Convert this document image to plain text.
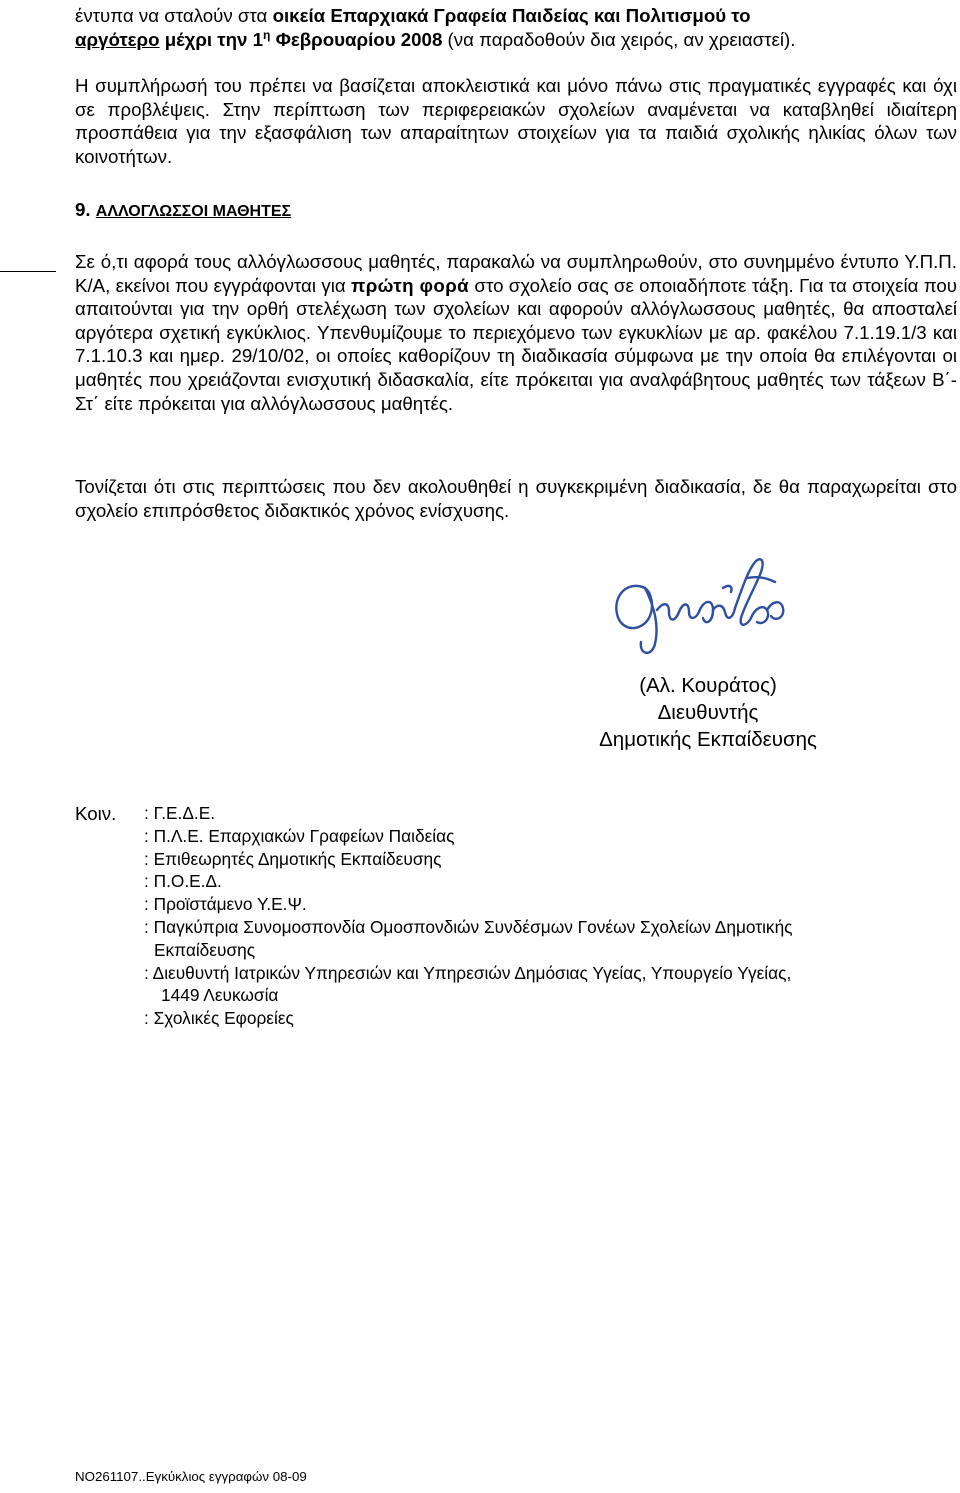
έντυπα να σταλούν στα οικεία Επαρχιακά Γραφεία Παιδείας και Πολιτισμού το
αργότερο μέχρι την $1^\eta$ Φεβρουαρίου 2008 (να παραδοθούν δια χειρός, αν χρειαστεί).

Η συμπλήρωσή του πρέπει να βασίζεται αποκλειστικά και μόνο πάνω στις πραγματικές εγγραφές και όχι σε προβλέψεις. Στην περίπτωση των περιφερειακών σχολείων αναμένεται να καταβληθεί ιδιαίτερη προσπάθεια για την εξασφάλιση των απαραίτητων στοιχείων για τα παιδιά σχολικής ηλικίας όλων των κοινοτήτων.

9. ΑΛΛΟΓΛΩΣΣΟΙ ΜΑΘΗΤΕΣ

Σε ό,τι αφορά τους αλλόγλωσσους μαθητές, παρακαλώ να συμπληρωθούν, στο συνημμένο έντυπο Υ.Π.Π. Κ/Α, εκείνοι που εγγράφονται για πρώτη φορά στο σχολείο σας σε οποιαδήποτε τάξη. Για τα στοιχεία που απαιτούνται για την ορθή στελέχωση των σχολείων και αφορούν αλλόγλωσσους μαθητές, θα αποσταλεί αργότερα σχετική εγκύκλιος. Υπενθυμίζουμε το περιεχόμενο των εγκυκλίων με αρ. φακέλου 7.1.19.1/3 και 7.1.10.3 και ημερ. 29/10/02, οι οποίες καθορίζουν τη διαδικασία σύμφωνα με την οποία θα επιλέγονται οι μαθητές που χρειάζονται ενισχυτική διδασκαλία, είτε πρόκειται για αναλφάβητους μαθητές των τάξεων Β΄- Στ΄ είτε πρόκειται για αλλόγλωσσους μαθητές.

Τονίζεται ότι στις περιπτώσεις που δεν ακολουθηθεί η συγκεκριμένη διαδικασία, δε θα παραχωρείται στο σχολείο επιπρόσθετος διδακτικός χρόνος ενίσχυσης.

(Αλ. Κουράτος)
Διευθυντής
Δημοτικής Εκπαίδευσης
Κοιν. : Γ.Ε.Δ.Ε.
: Π.Λ.Ε. Επαρχιακών Γραφείων Παιδείας
: Επιθεωρητές Δημοτικής Εκπαίδευσης
: Π.Ο.Ε.Δ.
: Προϊστάμενο Υ.Ε.Ψ.
: Παγκύπρια Συνομοσπονδία Ομοσπονδιών Συνδέσμων Γονέων Σχολείων Δημοτικής
Εκπαίδευσης
: Διευθυντή Ιατρικών Υπηρεσιών και Υπηρεσιών Δημόσιας Υγείας, Υπουργείο Υγείας,
1449 Λευκωσία
: Σχολικές Εφορείες
ΝΟ261107..Εγκύκλιος εγγραφών 08-09
